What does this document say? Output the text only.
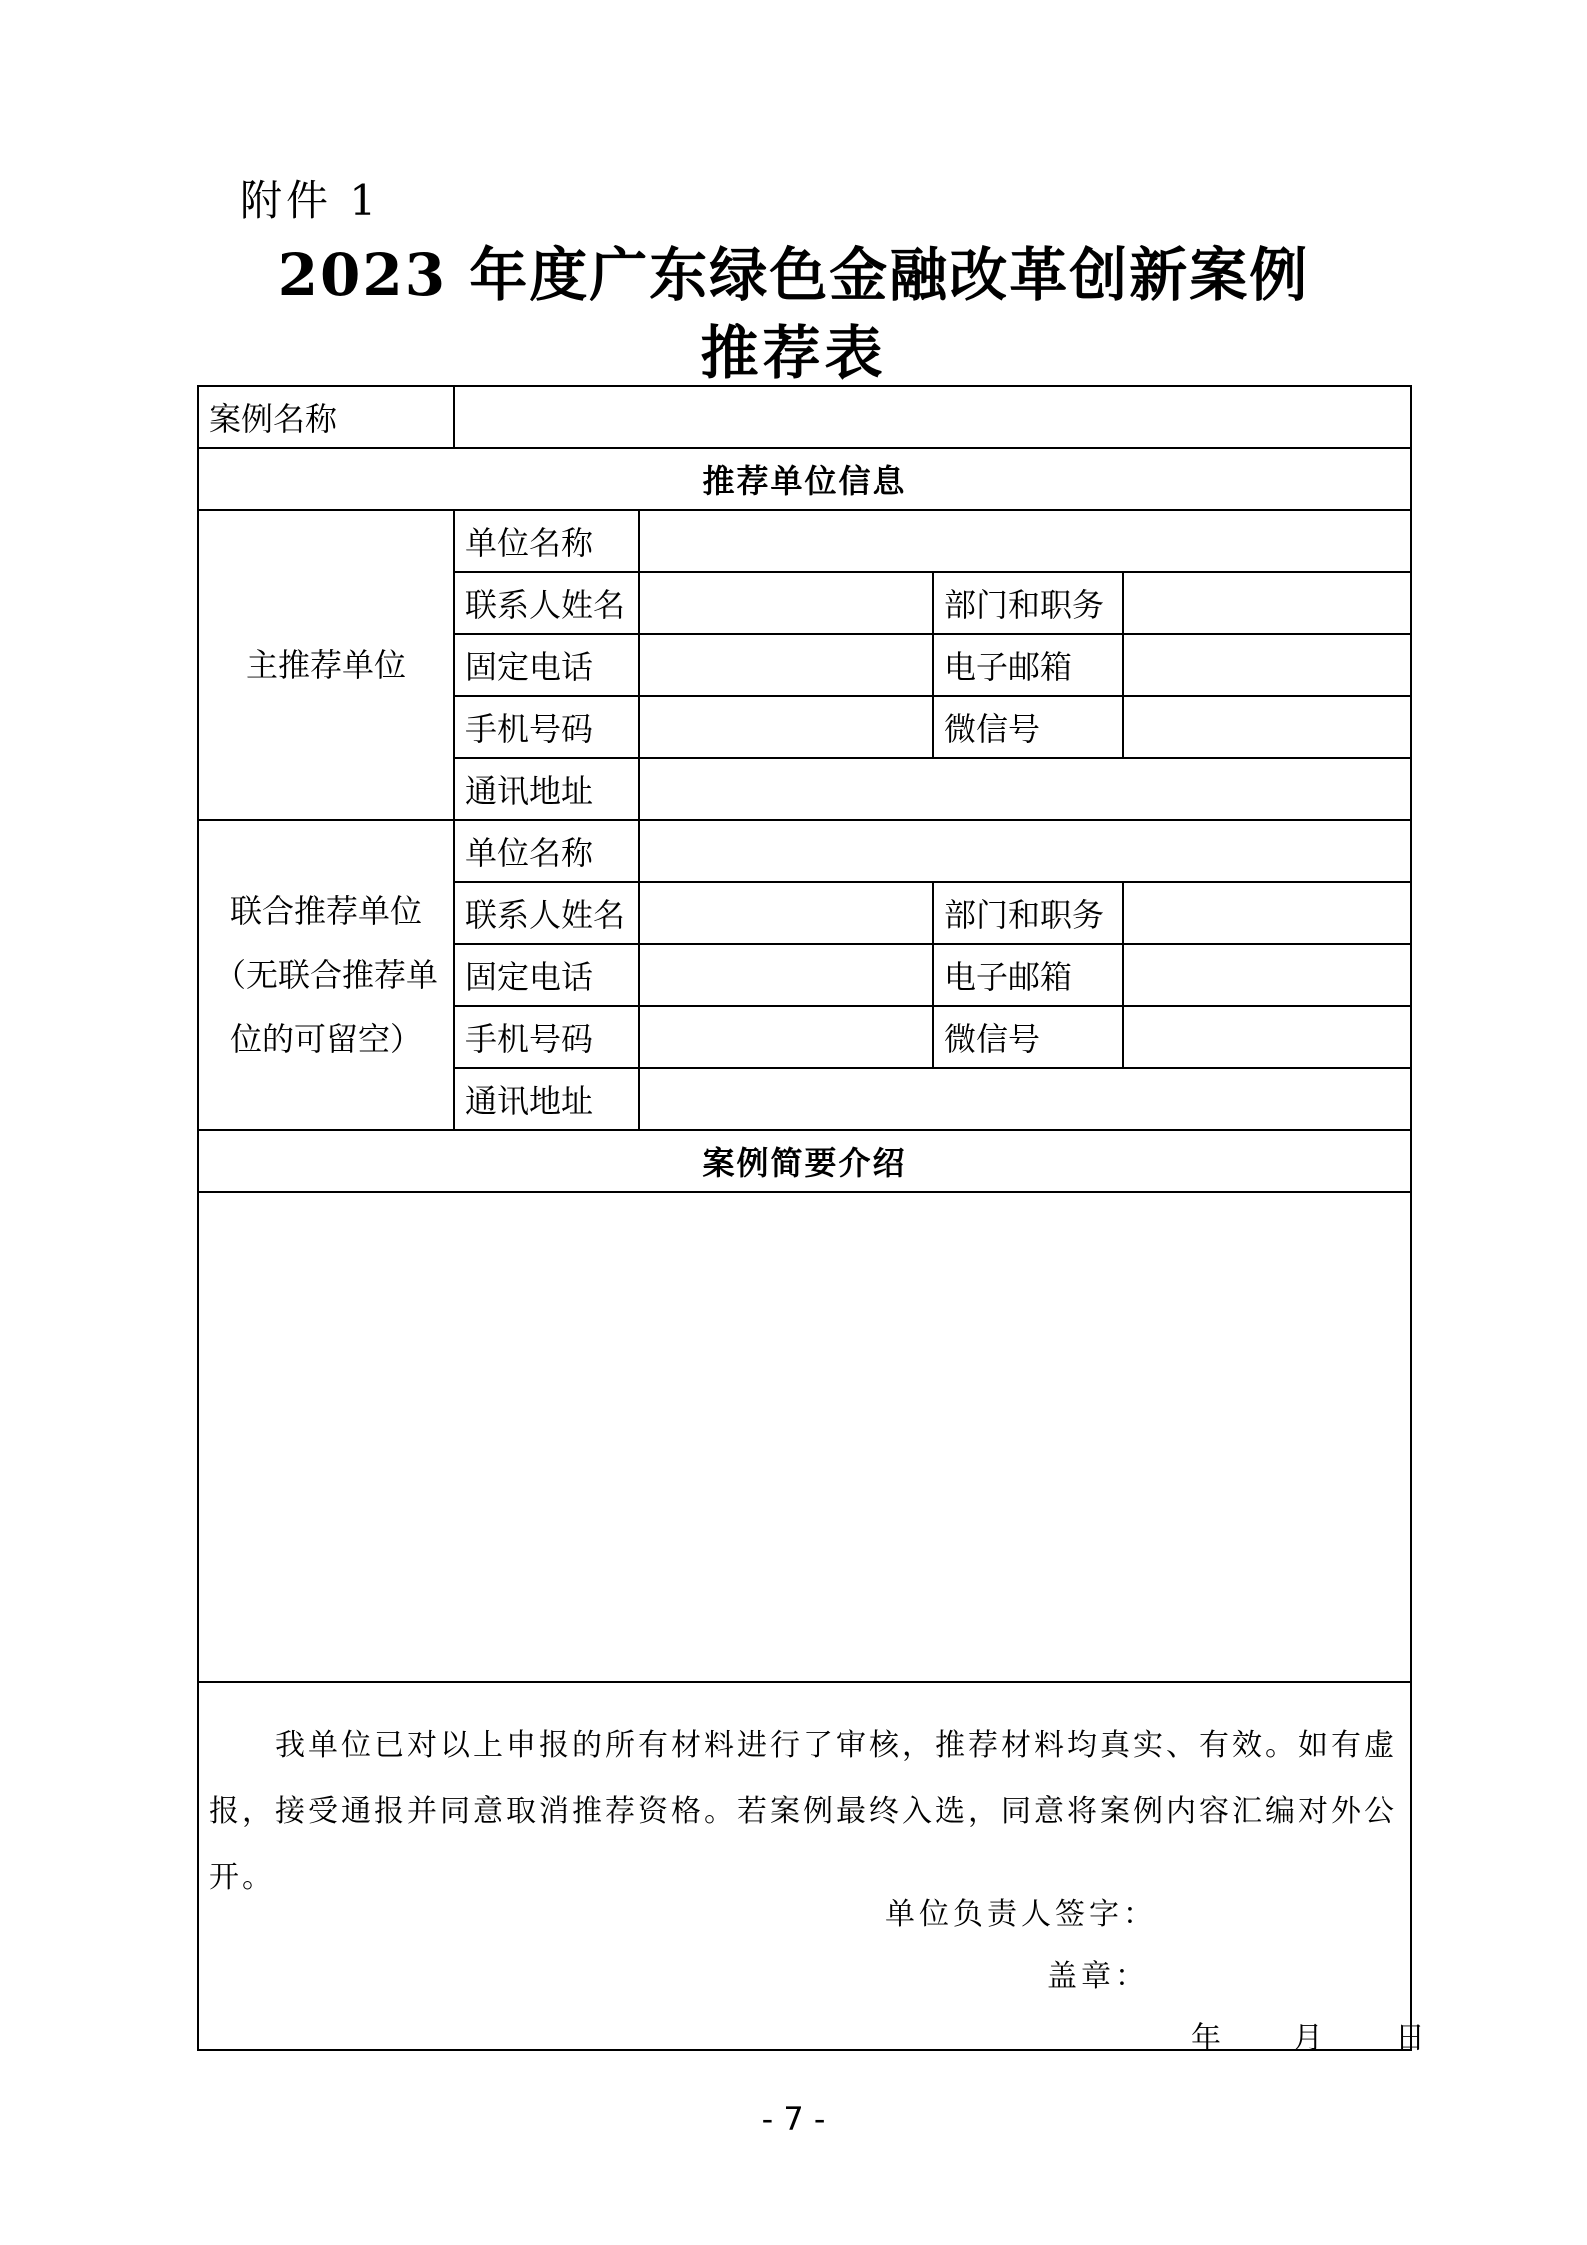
附件 1
2023 年度广东绿色金融改革创新案例
推荐表
案例名称				
推荐单位信息				
主推荐单位	单位名称			
	联系人姓名		部门和职务	
	固定电话		电子邮箱	
	手机号码		微信号	
	通讯地址			

联合推荐单位
（无联合推荐单
位的可留空）	单位名称			
	联系人姓名		部门和职务	
	固定电话		电子邮箱	
	手机号码		微信号	
	通讯地址			
案例简要介绍				

我单位已对以上申报的所有材料进行了审核，推荐材料均真实、有效。如有虚报，接受通报并同意取消推荐资格。若案例最终入选，同意将案例内容汇编对外公开。
单位负责人签字：
盖章：
年　　月　　日				
- 7 -
